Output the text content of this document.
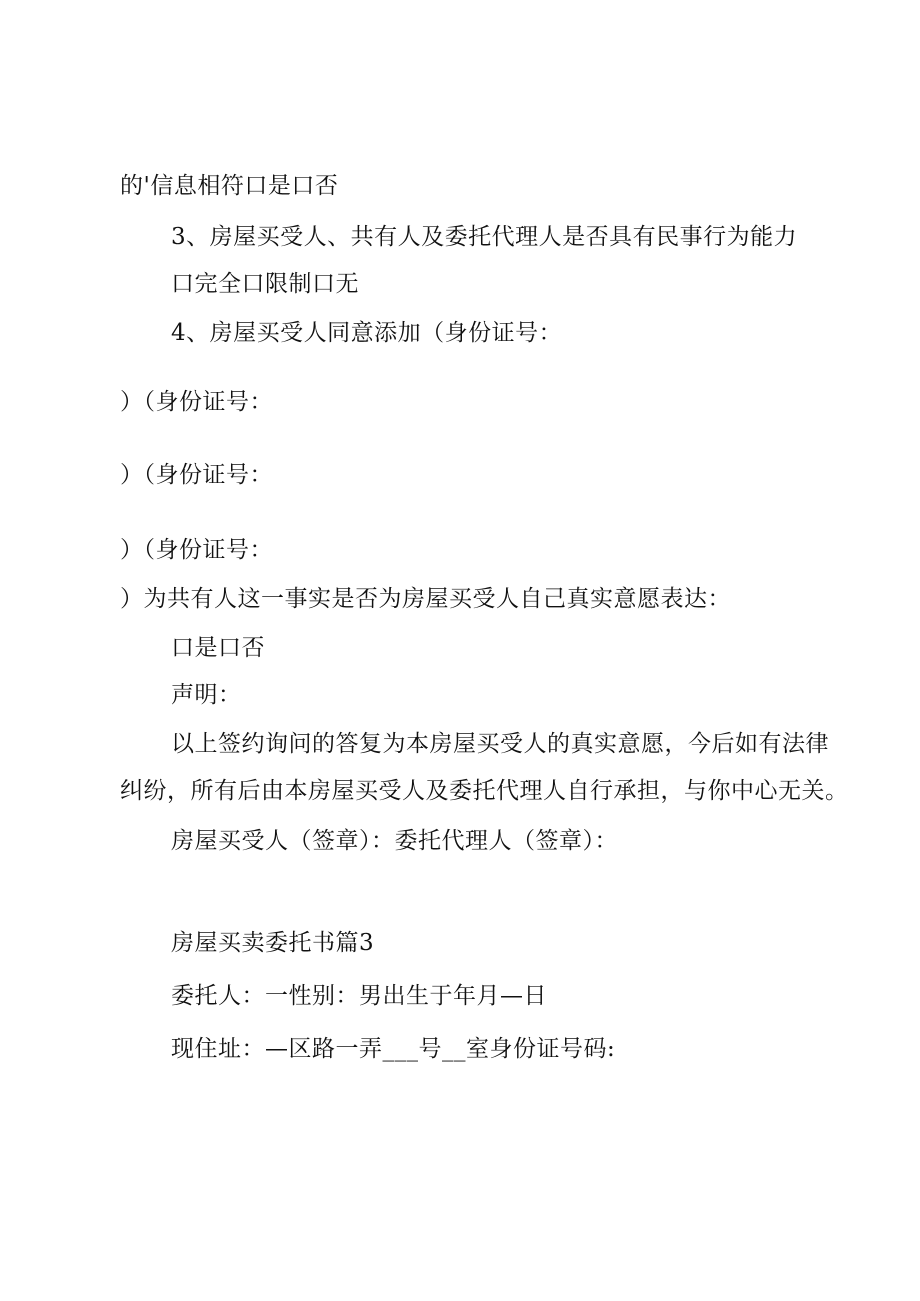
的'信息相符口是口否
3、房屋买受人、共有人及委托代理人是否具有民事行为能力
口完全口限制口无
4、房屋买受人同意添加（身份证号：
）（身份证号：
）（身份证号：
）（身份证号：
）为共有人这一事实是否为房屋买受人自己真实意愿表达：
口是口否
声明：
以上签约询问的答复为本房屋买受人的真实意愿，今后如有法律
纠纷，所有后由本房屋买受人及委托代理人自行承担，与你中心无关。
房屋买受人（签章）：委托代理人（签章）：
房屋买卖委托书篇3
委托人：一性别：男出生于年月—日
现住址：—区路一弄___号__室身份证号码:
